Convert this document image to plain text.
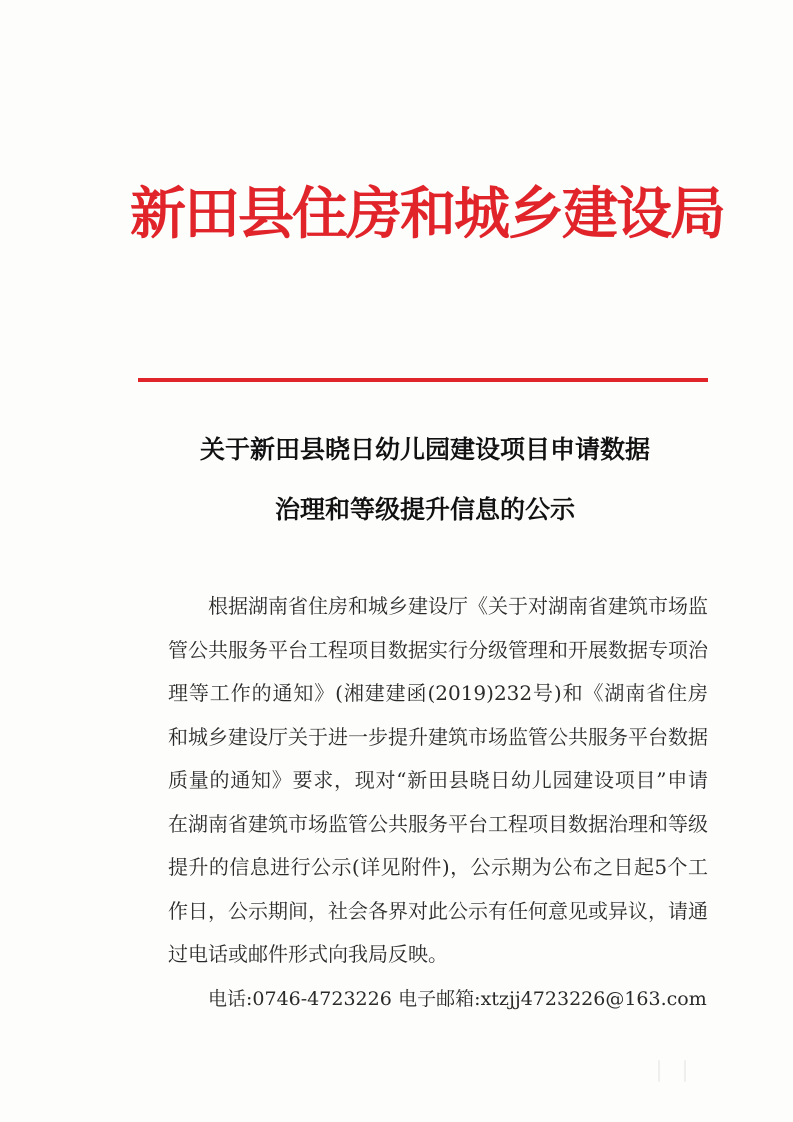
新田县住房和城乡建设局
关于新田县晓日幼儿园建设项目申请数据
治理和等级提升信息的公示

根据湖南省住房和城乡建设厅《关于对湖南省建筑市场监管公共服务平台工程项目数据实行分级管理和开展数据专项治理等工作的通知》(湘建建函(2019)232号)和《湖南省住房和城乡建设厅关于进一步提升建筑市场监管公共服务平台数据质量的通知》要求，现对“新田县晓日幼儿园建设项目”申请在湖南省建筑市场监管公共服务平台工程项目数据治理和等级提升的信息进行公示(详见附件)，公示期为公布之日起5个工作日，公示期间，社会各界对此公示有任何意见或异议，请通过电话或邮件形式向我局反映。

电话:0746-4723226 电子邮箱:xtzjj4723226@163.com
